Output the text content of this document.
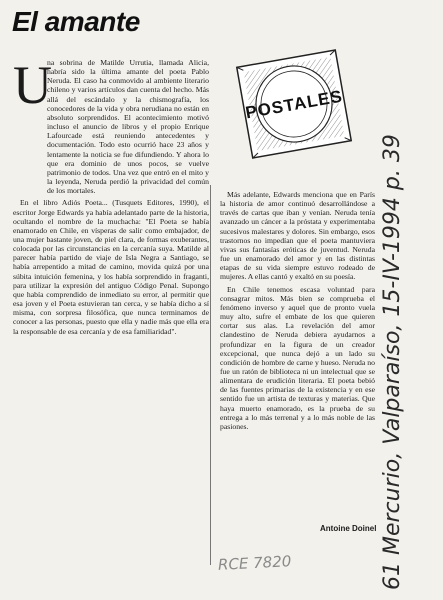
El amante
POSTALES
U

na sobrina de Matilde Urrutia, llamada Alicia, habría sido la última amante del poeta Pablo Neruda. El caso ha conmovido al ambiente literario chileno y varios artículos dan cuenta del hecho. Más allá del escándalo y la chismografía, los conocedores de la vida y obra nerudiana no están en absoluto sorprendidos. El acontecimiento motivó incluso el anuncio de libros y el propio Enrique Lafourcade está reuniendo antecedentes y documentación. Todo esto ocurrió hace 23 años y lentamente la noticia se fue difundiendo. Y ahora lo que era dominio de unos pocos, se vuelve patrimonio de todos. Una vez que entró en el mito y la leyenda, Neruda perdió la privacidad del común de los mortales.

En el libro Adiós Poeta... (Tusquets Editores, 1990), el escritor Jorge Edwards ya había adelantado parte de la historia, ocultando el nombre de la muchacha: "El Poeta se había enamorado en Chile, en vísperas de salir como embajador, de una mujer bastante joven, de piel clara, de formas exuberantes, colocada por las circunstancias en la cercanía suya. Matilde al parecer había partido de viaje de Isla Negra a Santiago, se había arrepentido a mitad de camino, movida quizá por una súbita intuición femenina, y los había sorprendido in fraganti, para utilizar la expresión del antiguo Código Penal. Supongo que había comprendido de inmediato su error, al permitir que esa joven y el Poeta estuvieran tan cerca, y se había dicho a sí misma, con sorpresa filosófica, que nunca terminamos de conocer a las personas, puesto que ella y nadie más que ella era la responsable de esa cercanía y de esa familiaridad".

Más adelante, Edwards menciona que en París la historia de amor continuó desarrollándose a través de cartas que iban y venían. Neruda tenía avanzado un cáncer a la próstata y experimentaba sucesivos malestares y dolores. Sin embargo, esos trastornos no impedían que el poeta mantuviera vivas sus fantasías eróticas de juventud. Neruda fue un enamorado del amor y en las distintas etapas de su vida siempre estuvo rodeado de mujeres. A ellas cantó y exaltó en su poesía.

En Chile tenemos escasa voluntad para consagrar mitos. Más bien se comprueba el fenómeno inverso y aquel que de pronto vuela muy alto, sufre el embate de los que quieren cortar sus alas. La revelación del amor clandestino de Neruda debiera ayudarnos a profundizar en la figura de un creador excepcional, que nunca dejó a un lado su condición de hombre de carne y hueso. Neruda no fue un ratón de biblioteca ni un intelectual que se alimentara de erudición literaria. El poeta bebió de las fuentes primarias de la existencia y en ese sentido fue un artista de texturas y materias. Que haya muerto enamorado, es la prueba de su entrega a lo más terrenal y a lo más noble de las pasiones.

Antoine Doinel 61 Mercurio, Valparaíso, 15-IV-1994 p. 39
RCE 7820
